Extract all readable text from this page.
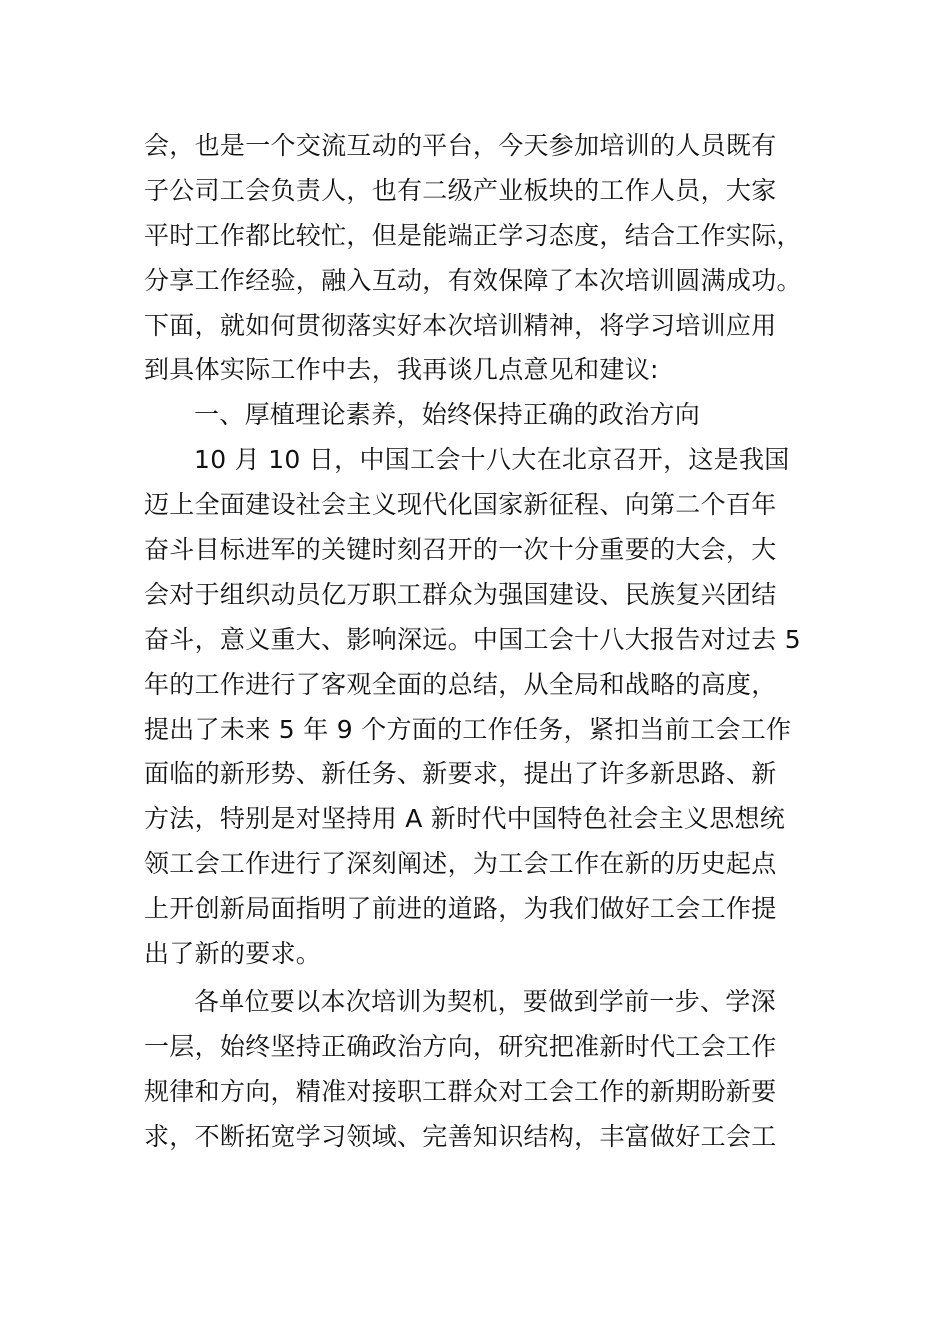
会，也是一个交流互动的平台，今天参加培训的人员既有
子公司工会负责人，也有二级产业板块的工作人员，大家
平时工作都比较忙，但是能端正学习态度，结合工作实际，
分享工作经验，融入互动，有效保障了本次培训圆满成功。
下面，就如何贯彻落实好本次培训精神，将学习培训应用
到具体实际工作中去，我再谈几点意见和建议:
一、厚植理论素养，始终保持正确的政治方向
10 月 10 日，中国工会十八大在北京召开，这是我国
迈上全面建设社会主义现代化国家新征程、向第二个百年
奋斗目标进军的关键时刻召开的一次十分重要的大会，大
会对于组织动员亿万职工群众为强国建设、民族复兴团结
奋斗，意义重大、影响深远。中国工会十八大报告对过去 5
年的工作进行了客观全面的总结，从全局和战略的高度，
提出了未来 5 年 9 个方面的工作任务，紧扣当前工会工作
面临的新形势、新任务、新要求，提出了许多新思路、新
方法，特别是对坚持用 A 新时代中国特色社会主义思想统
领工会工作进行了深刻阐述，为工会工作在新的历史起点
上开创新局面指明了前进的道路，为我们做好工会工作提
出了新的要求。
各单位要以本次培训为契机，要做到学前一步、学深
一层，始终坚持正确政治方向，研究把准新时代工会工作
规律和方向，精准对接职工群众对工会工作的新期盼新要
求，不断拓宽学习领域、完善知识结构，丰富做好工会工
